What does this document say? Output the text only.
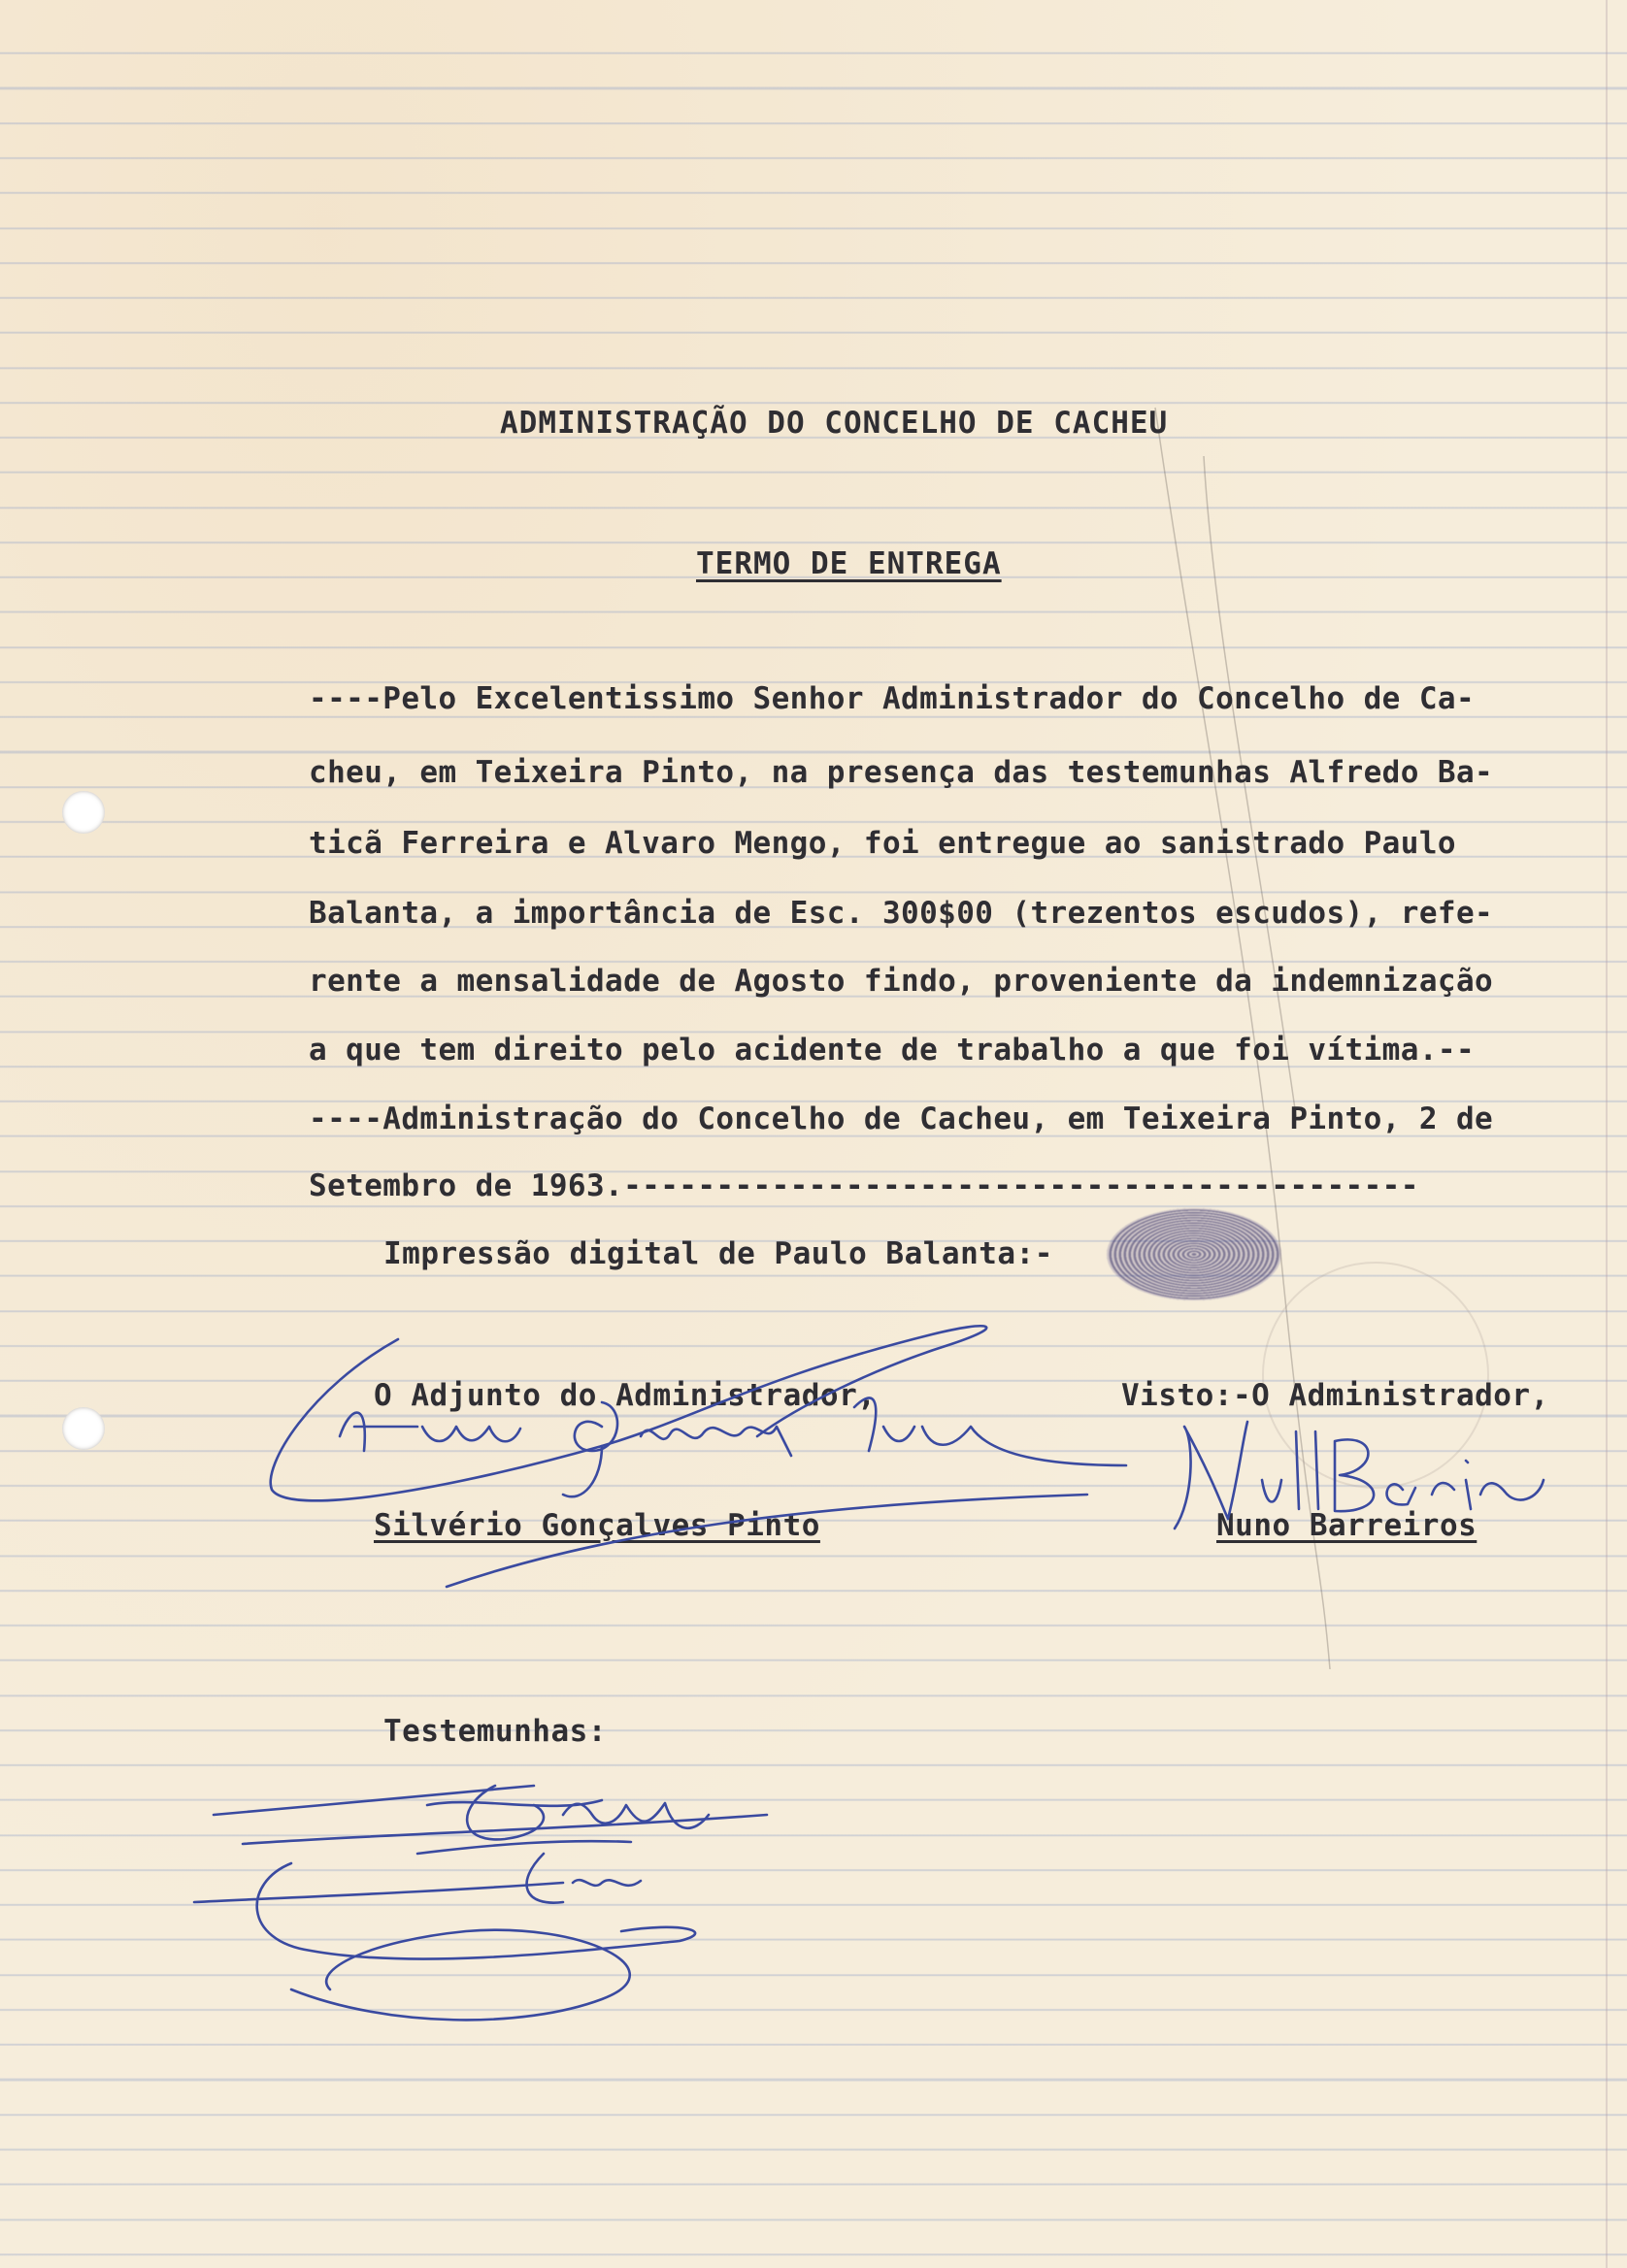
ADMINISTRAÇÃO DO CONCELHO DE CACHEU
TERMO DE ENTREGA
----Pelo Excelentissimo Senhor Administrador do Concelho de Ca-
cheu, em Teixeira Pinto, na presença das testemunhas Alfredo Ba-
ticã Ferreira e Alvaro Mengo, foi entregue ao sanistrado Paulo
Balanta, a importância de Esc. 300$00 (trezentos escudos), refe-
rente a mensalidade de Agosto findo, proveniente da indemnização
a que tem direito pelo acidente de trabalho a que foi vítima.--
----Administração do Concelho de Cacheu, em Teixeira Pinto, 2 de
Setembro de 1963.-------------------------------------------
Impressão digital de Paulo Balanta:-
O Adjunto do Administrador,	Visto:-O Administrador,
Silvério Gonçalves Pinto	Nuno Barreiros
Testemunhas:
